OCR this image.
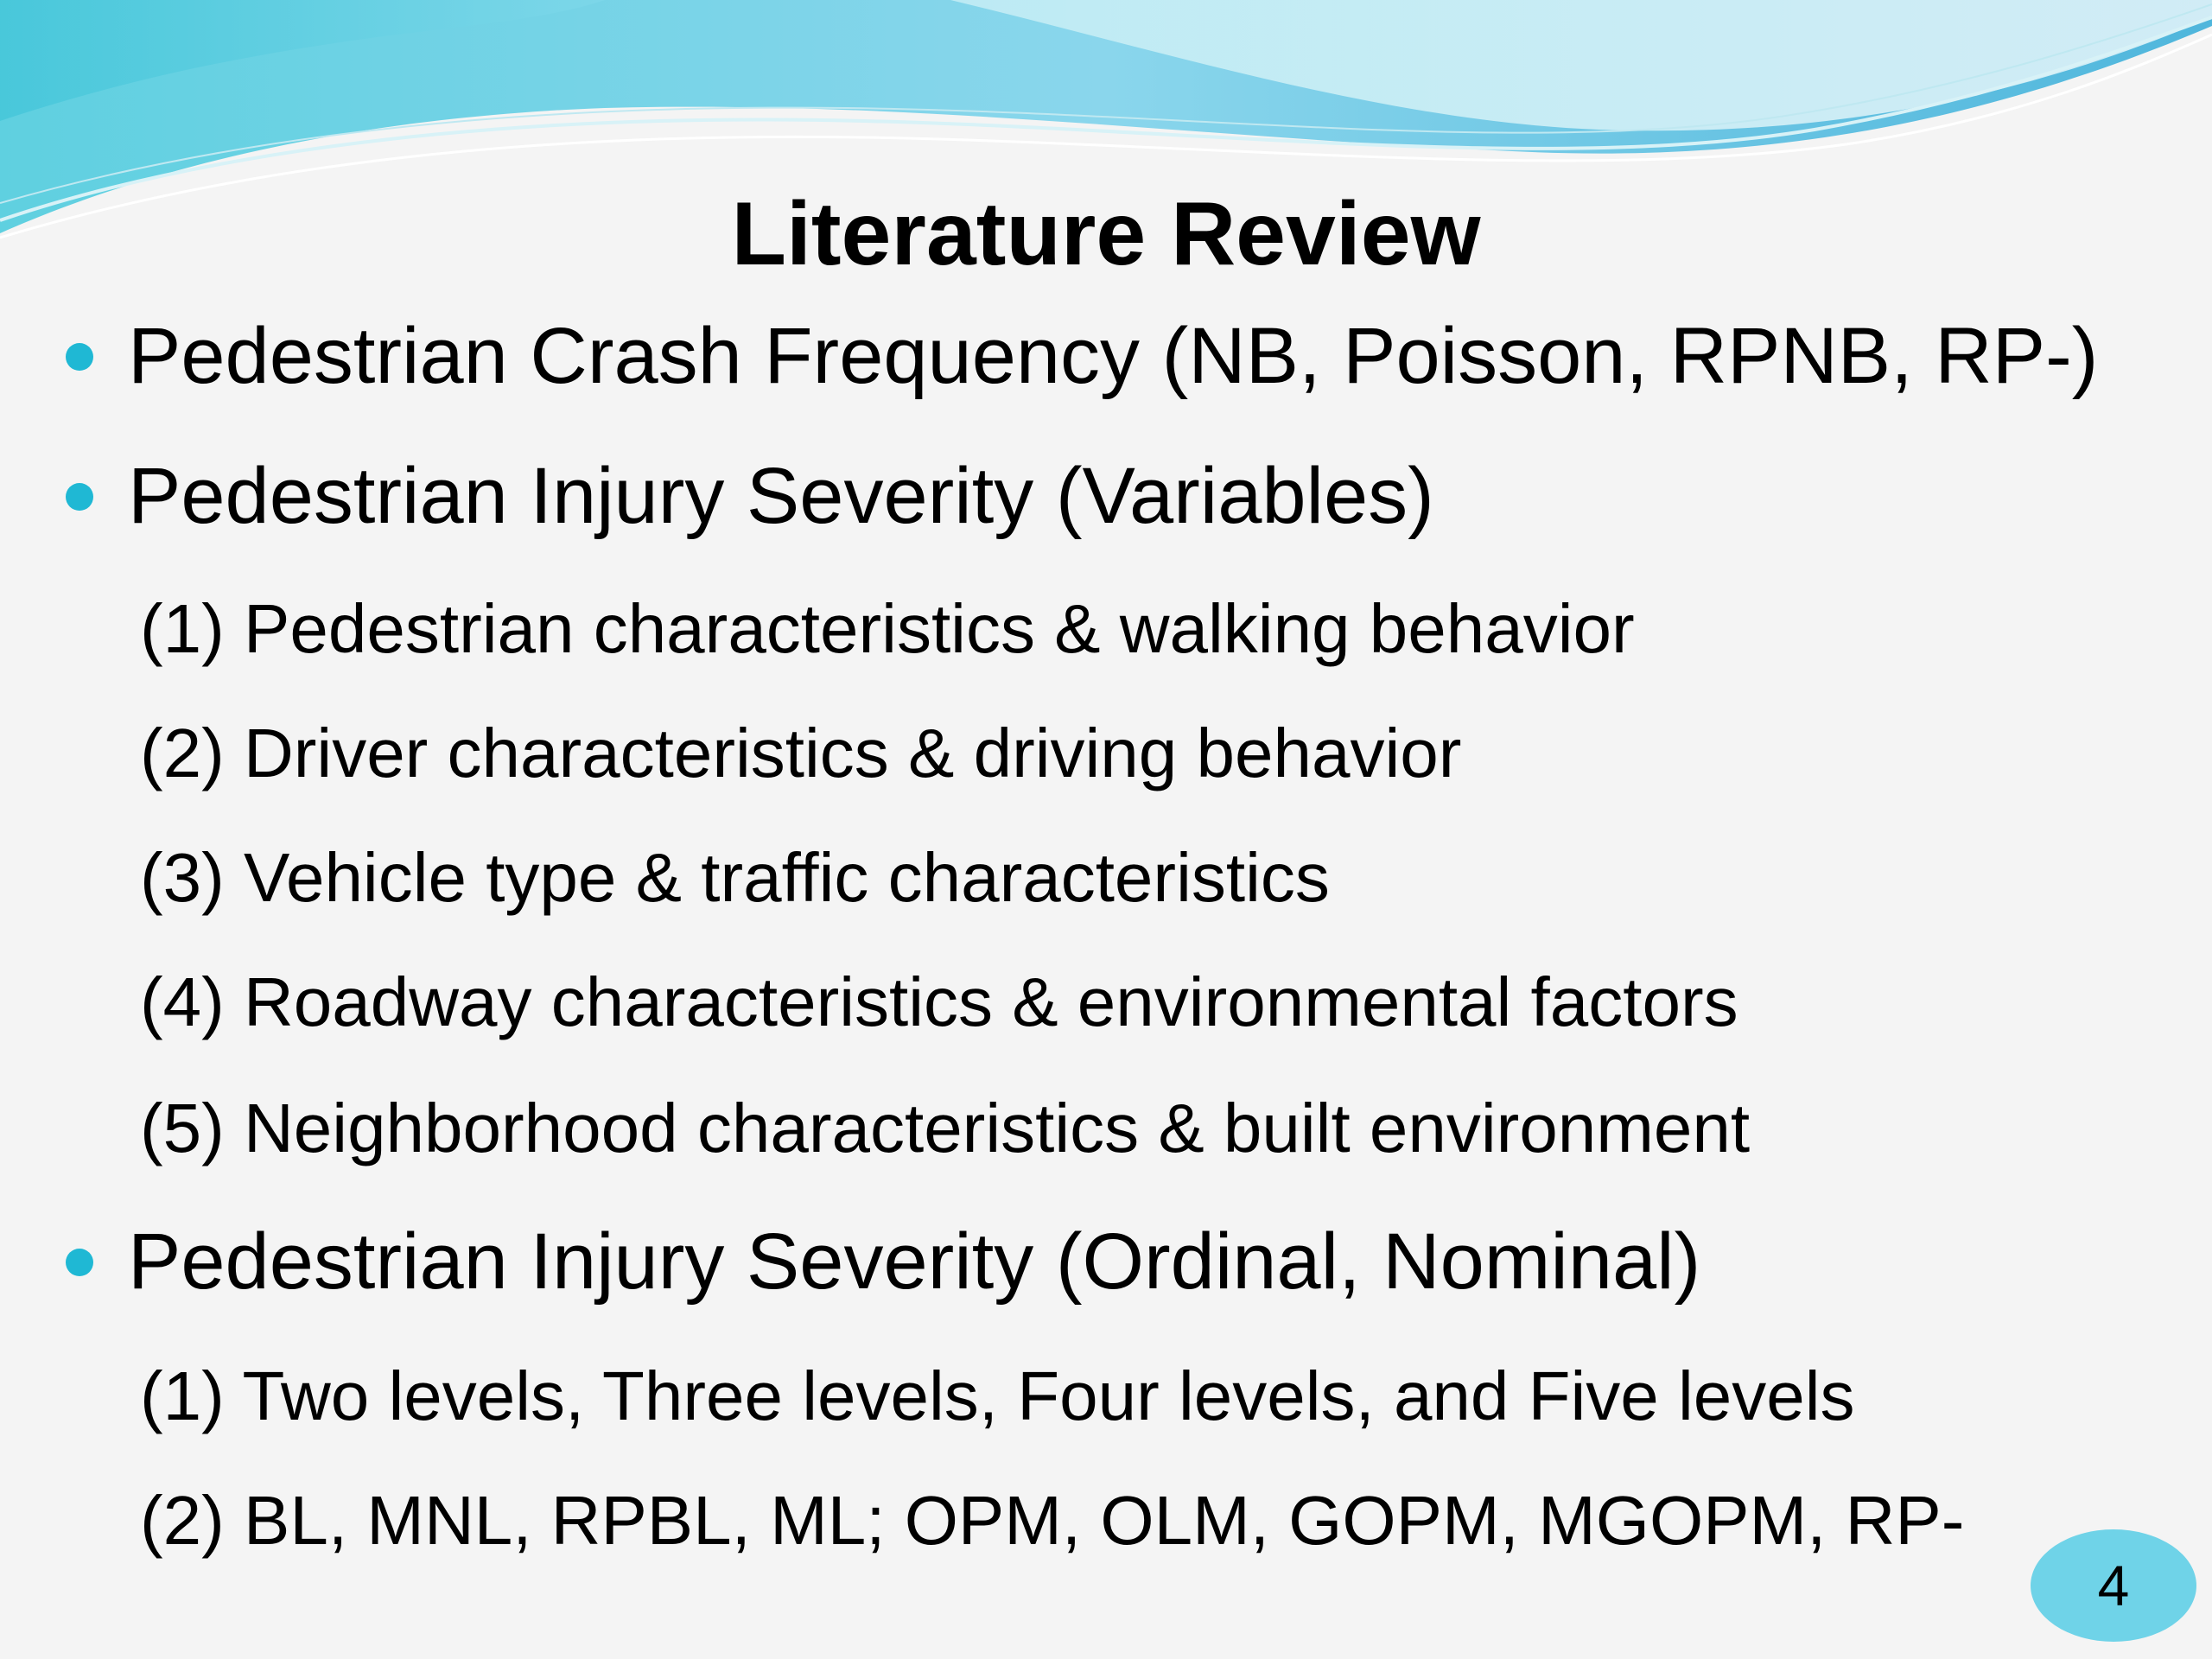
Literature Review
Pedestrian Crash Frequency (NB, Poisson, RPNB, RP-)
Pedestrian Injury Severity (Variables)
(1) Pedestrian characteristics & walking behavior
(2) Driver characteristics & driving behavior
(3) Vehicle type & traffic characteristics
(4) Roadway characteristics & environmental factors
(5) Neighborhood characteristics & built environment
Pedestrian Injury Severity (Ordinal, Nominal)
(1) Two levels, Three levels, Four levels, and Five levels
(2) BL, MNL, RPBL, ML; OPM, OLM, GOPM, MGOPM, RP-
4
